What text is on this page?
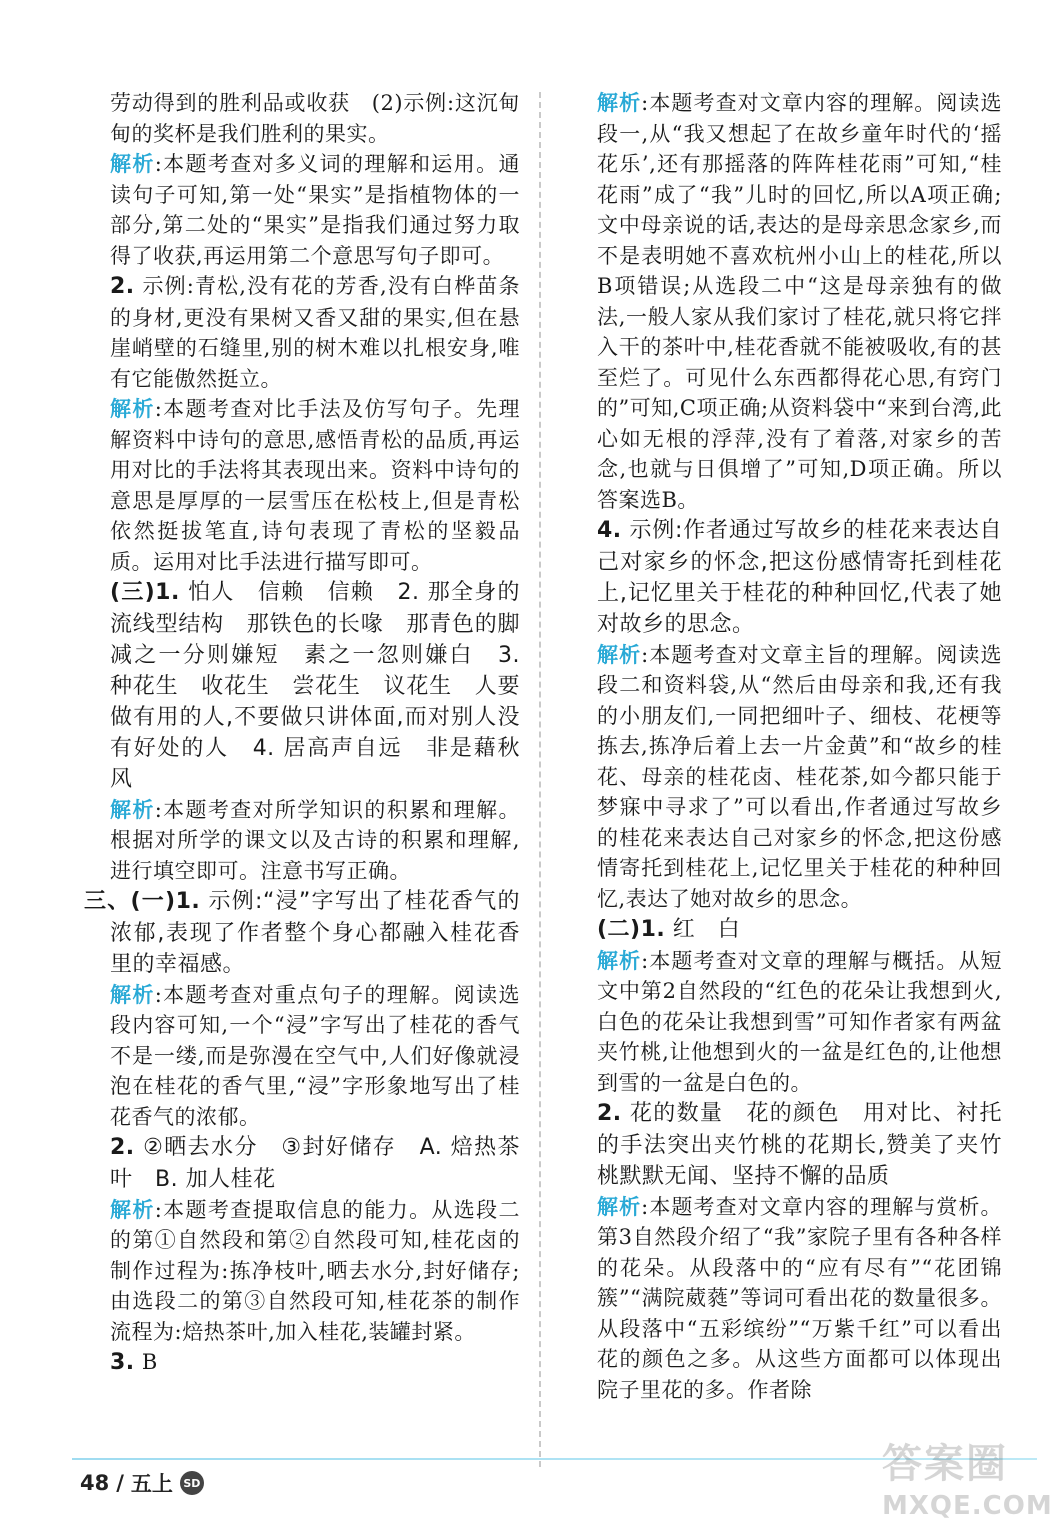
劳动得到的胜利品或收获　(2)示例:这沉甸甸的奖杯是我们胜利的果实。
解析:本题考查对多义词的理解和运用。通读句子可知,第一处“果实”是指植物体的一部分,第二处的“果实”是指我们通过努力取得了收获,再运用第二个意思写句子即可。
2. 示例:青松,没有花的芳香,没有白桦苗条的身材,更没有果树又香又甜的果实,但在悬崖峭壁的石缝里,别的树木难以扎根安身,唯有它能傲然挺立。
解析:本题考查对比手法及仿写句子。先理解资料中诗句的意思,感悟青松的品质,再运用对比的手法将其表现出来。资料中诗句的意思是厚厚的一层雪压在松枝上,但是青松依然挺拔笔直,诗句表现了青松的坚毅品质。运用对比手法进行描写即可。
(三)1. 怕人　信赖　信赖　2. 那全身的流线型结构　那铁色的长喙　那青色的脚　减之一分则嫌短　素之一忽则嫌白　3. 种花生　收花生　尝花生　议花生　人要做有用的人,不要做只讲体面,而对别人没有好处的人　4. 居高声自远　非是藉秋风
解析:本题考查对所学知识的积累和理解。根据对所学的课文以及古诗的积累和理解,进行填空即可。注意书写正确。
三、(一)1. 示例:“浸”字写出了桂花香气的浓郁,表现了作者整个身心都融入桂花香里的幸福感。
解析:本题考查对重点句子的理解。阅读选段内容可知,一个“浸”字写出了桂花的香气不是一缕,而是弥漫在空气中,人们好像就浸泡在桂花的香气里,“浸”字形象地写出了桂花香气的浓郁。
2. ②晒去水分　③封好储存　A. 焙热茶叶　B. 加人桂花
解析:本题考查提取信息的能力。从选段二的第①自然段和第②自然段可知,桂花卤的制作过程为:拣净枝叶,晒去水分,封好储存;由选段二的第③自然段可知,桂花茶的制作流程为:焙热茶叶,加入桂花,装罐封紧。
3. B
解析:本题考查对文章内容的理解。阅读选段一,从“我又想起了在故乡童年时代的‘摇花乐’,还有那摇落的阵阵桂花雨”可知,“桂花雨”成了“我”儿时的回忆,所以A项正确;文中母亲说的话,表达的是母亲思念家乡,而不是表明她不喜欢杭州小山上的桂花,所以B项错误;从选段二中“这是母亲独有的做法,一般人家从我们家讨了桂花,就只将它拌入干的茶叶中,桂花香就不能被吸收,有的甚至烂了。可见什么东西都得花心思,有窍门的”可知,C项正确;从资料袋中“来到台湾,此心如无根的浮萍,没有了着落,对家乡的苦念,也就与日俱增了”可知,D项正确。所以答案选B。
4. 示例:作者通过写故乡的桂花来表达自己对家乡的怀念,把这份感情寄托到桂花上,记忆里关于桂花的种种回忆,代表了她对故乡的思念。
解析:本题考查对文章主旨的理解。阅读选段二和资料袋,从“然后由母亲和我,还有我的小朋友们,一同把细叶子、细枝、花梗等拣去,拣净后着上去一片金黄”和“故乡的桂花、母亲的桂花卤、桂花茶,如今都只能于梦寐中寻求了”可以看出,作者通过写故乡的桂花来表达自己对家乡的怀念,把这份感情寄托到桂花上,记忆里关于桂花的种种回忆,表达了她对故乡的思念。
(二)1. 红　白
解析:本题考查对文章的理解与概括。从短文中第2自然段的“红色的花朵让我想到火,白色的花朵让我想到雪”可知作者家有两盆夹竹桃,让他想到火的一盆是红色的,让他想到雪的一盆是白色的。
2. 花的数量　花的颜色　用对比、衬托的手法突出夹竹桃的花期长,赞美了夹竹桃默默无闻、坚持不懈的品质
解析:本题考查对文章内容的理解与赏析。第3自然段介绍了“我”家院子里有各种各样的花朵。从段落中的“应有尽有”“花团锦簇”“满院葳蕤”等词可看出花的数量很多。从段落中“五彩缤纷”“万紫千红”可以看出花的颜色之多。从这些方面都可以体现出院子里花的多。作者除
48 / 五上 SD	答案圈
MXQE.COM
